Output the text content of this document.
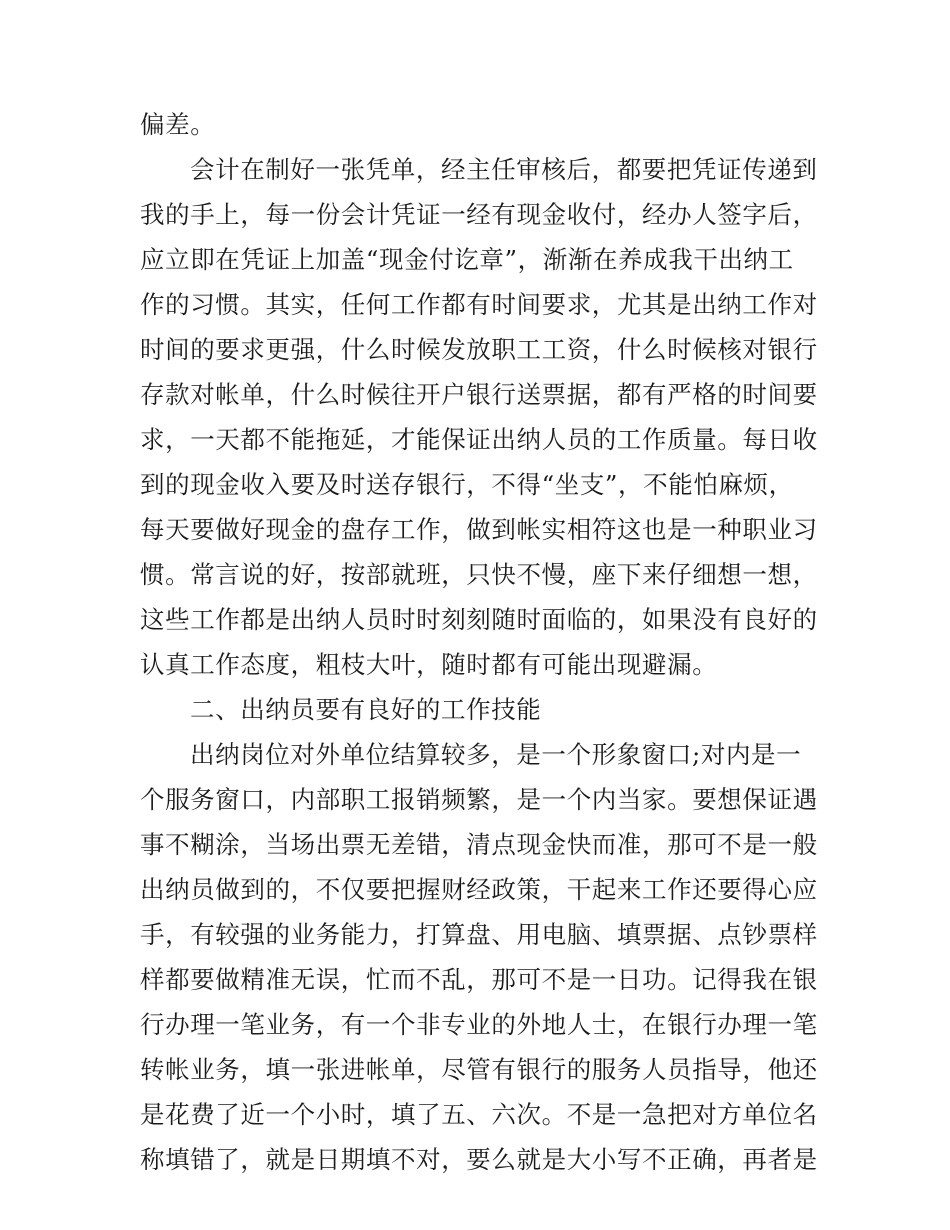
偏差。
会计在制好一张凭单，经主任审核后，都要把凭证传递到
我的手上，每一份会计凭证一经有现金收付，经办人签字后，
应立即在凭证上加盖“现金付讫章”，渐渐在养成我干出纳工
作的习惯。其实，任何工作都有时间要求，尤其是出纳工作对
时间的要求更强，什么时候发放职工工资，什么时候核对银行
存款对帐单，什么时候往开户银行送票据，都有严格的时间要
求，一天都不能拖延，才能保证出纳人员的工作质量。每日收
到的现金收入要及时送存银行，不得“坐支”，不能怕麻烦，
每天要做好现金的盘存工作，做到帐实相符这也是一种职业习
惯。常言说的好，按部就班，只快不慢，座下来仔细想一想，
这些工作都是出纳人员时时刻刻随时面临的，如果没有良好的
认真工作态度，粗枝大叶，随时都有可能出现避漏。
二、出纳员要有良好的工作技能
出纳岗位对外单位结算较多，是一个形象窗口;对内是一
个服务窗口，内部职工报销频繁，是一个内当家。要想保证遇
事不糊涂，当场出票无差错，清点现金快而准，那可不是一般
出纳员做到的，不仅要把握财经政策，干起来工作还要得心应
手，有较强的业务能力，打算盘、用电脑、填票据、点钞票样
样都要做精准无误，忙而不乱，那可不是一日功。记得我在银
行办理一笔业务，有一个非专业的外地人士，在银行办理一笔
转帐业务，填一张进帐单，尽管有银行的服务人员指导，他还
是花费了近一个小时，填了五、六次。不是一急把对方单位名
称填错了，就是日期填不对，要么就是大小写不正确，再者是
